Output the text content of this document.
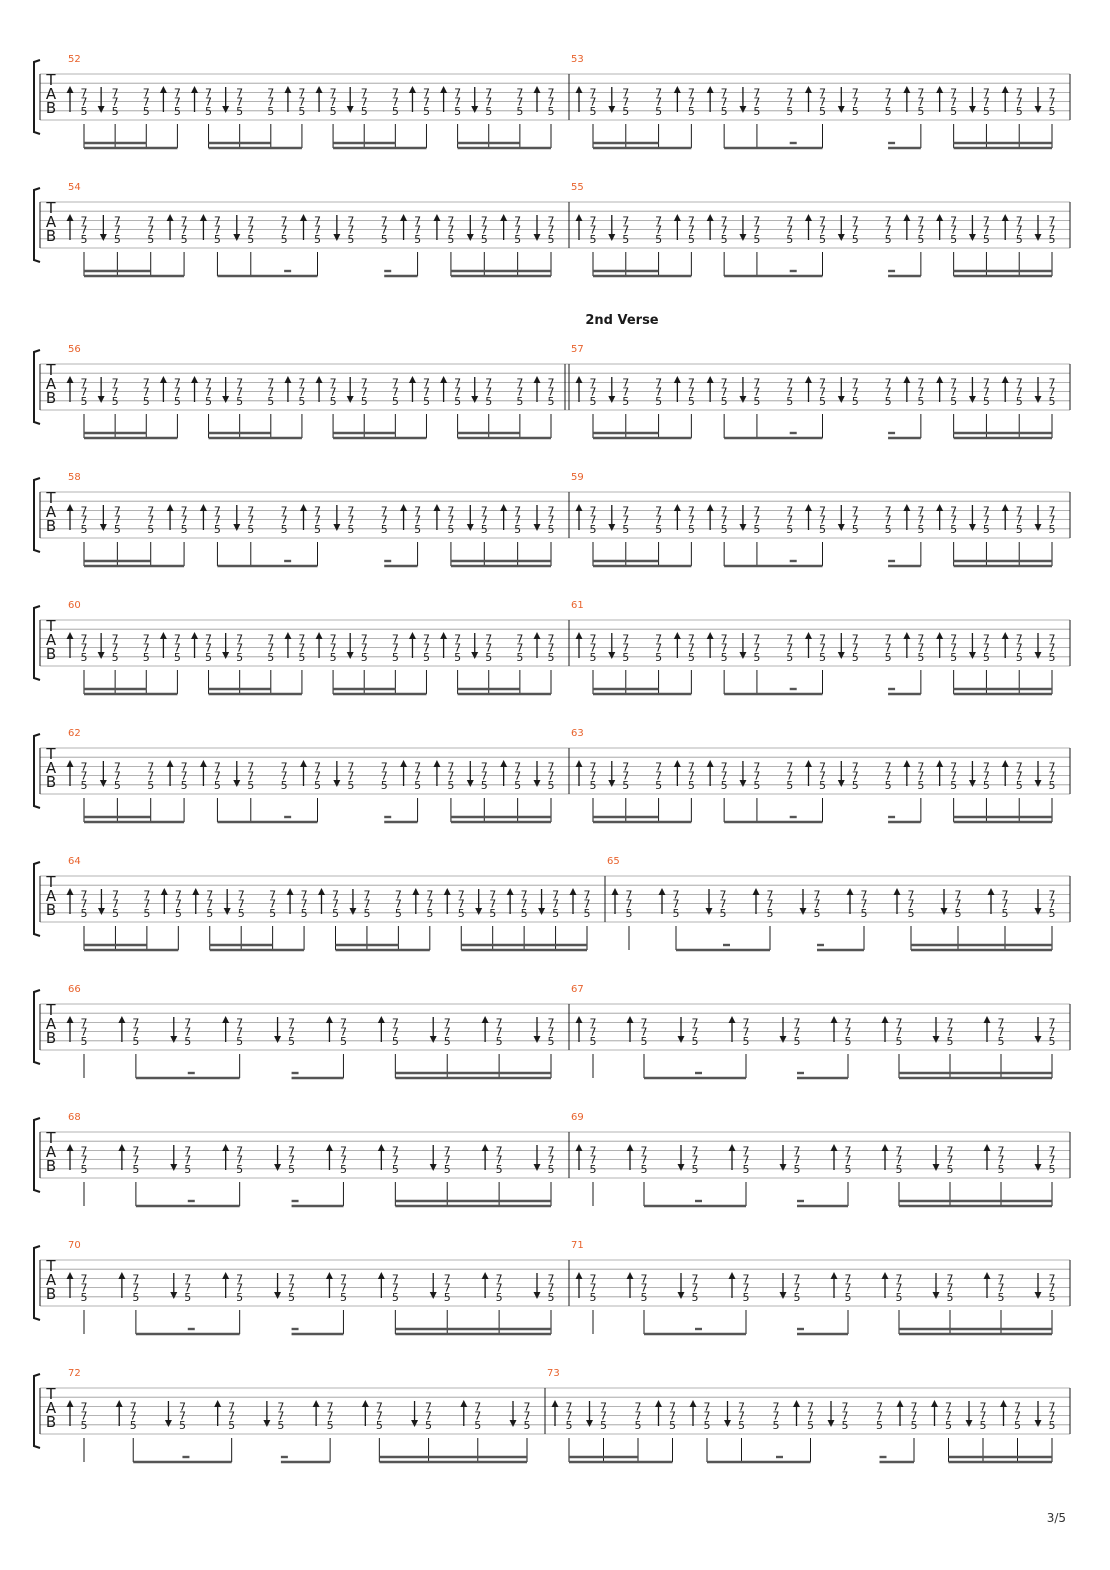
T
A
B
52
7
7
5
7
7
5
7
7
5
7
7
5
7
7
5
7
7
5
7
7
5
7
7
5
7
7
5
7
7
5
7
7
5
7
7
5
7
7
5
7
7
5
7
7
5
7
7
5
53
7
7
5
7
7
5
7
7
5
7
7
5
7
7
5
7
7
5
7
7
5
7
7
5
7
7
5
7
7
5
7
7
5
7
7
5
7
7
5
7
7
5
7
7
5
T
A
B
54
7
7
5
7
7
5
7
7
5
7
7
5
7
7
5
7
7
5
7
7
5
7
7
5
7
7
5
7
7
5
7
7
5
7
7
5
7
7
5
7
7
5
7
7
5
55
7
7
5
7
7
5
7
7
5
7
7
5
7
7
5
7
7
5
7
7
5
7
7
5
7
7
5
7
7
5
7
7
5
7
7
5
7
7
5
7
7
5
7
7
5
2nd Verse
T
A
B
56
7
7
5
7
7
5
7
7
5
7
7
5
7
7
5
7
7
5
7
7
5
7
7
5
7
7
5
7
7
5
7
7
5
7
7
5
7
7
5
7
7
5
7
7
5
7
7
5
57
7
7
5
7
7
5
7
7
5
7
7
5
7
7
5
7
7
5
7
7
5
7
7
5
7
7
5
7
7
5
7
7
5
7
7
5
7
7
5
7
7
5
7
7
5
T
A
B
58
7
7
5
7
7
5
7
7
5
7
7
5
7
7
5
7
7
5
7
7
5
7
7
5
7
7
5
7
7
5
7
7
5
7
7
5
7
7
5
7
7
5
7
7
5
59
7
7
5
7
7
5
7
7
5
7
7
5
7
7
5
7
7
5
7
7
5
7
7
5
7
7
5
7
7
5
7
7
5
7
7
5
7
7
5
7
7
5
7
7
5
T
A
B
60
7
7
5
7
7
5
7
7
5
7
7
5
7
7
5
7
7
5
7
7
5
7
7
5
7
7
5
7
7
5
7
7
5
7
7
5
7
7
5
7
7
5
7
7
5
7
7
5
61
7
7
5
7
7
5
7
7
5
7
7
5
7
7
5
7
7
5
7
7
5
7
7
5
7
7
5
7
7
5
7
7
5
7
7
5
7
7
5
7
7
5
7
7
5
T
A
B
62
7
7
5
7
7
5
7
7
5
7
7
5
7
7
5
7
7
5
7
7
5
7
7
5
7
7
5
7
7
5
7
7
5
7
7
5
7
7
5
7
7
5
7
7
5
63
7
7
5
7
7
5
7
7
5
7
7
5
7
7
5
7
7
5
7
7
5
7
7
5
7
7
5
7
7
5
7
7
5
7
7
5
7
7
5
7
7
5
7
7
5
T
A
B
64
7
7
5
7
7
5
7
7
5
7
7
5
7
7
5
7
7
5
7
7
5
7
7
5
7
7
5
7
7
5
7
7
5
7
7
5
7
7
5
7
7
5
7
7
5
7
7
5
7
7
5
65
7
7
5
7
7
5
7
7
5
7
7
5
7
7
5
7
7
5
7
7
5
7
7
5
7
7
5
7
7
5
T
A
B
66
7
7
5
7
7
5
7
7
5
7
7
5
7
7
5
7
7
5
7
7
5
7
7
5
7
7
5
7
7
5
67
7
7
5
7
7
5
7
7
5
7
7
5
7
7
5
7
7
5
7
7
5
7
7
5
7
7
5
7
7
5
T
A
B
68
7
7
5
7
7
5
7
7
5
7
7
5
7
7
5
7
7
5
7
7
5
7
7
5
7
7
5
7
7
5
69
7
7
5
7
7
5
7
7
5
7
7
5
7
7
5
7
7
5
7
7
5
7
7
5
7
7
5
7
7
5
T
A
B
70
7
7
5
7
7
5
7
7
5
7
7
5
7
7
5
7
7
5
7
7
5
7
7
5
7
7
5
7
7
5
71
7
7
5
7
7
5
7
7
5
7
7
5
7
7
5
7
7
5
7
7
5
7
7
5
7
7
5
7
7
5
T
A
B
72
7
7
5
7
7
5
7
7
5
7
7
5
7
7
5
7
7
5
7
7
5
7
7
5
7
7
5
7
7
5
73
7
7
5
7
7
5
7
7
5
7
7
5
7
7
5
7
7
5
7
7
5
7
7
5
7
7
5
7
7
5
7
7
5
7
7
5
7
7
5
7
7
5
7
7
5
3/5
